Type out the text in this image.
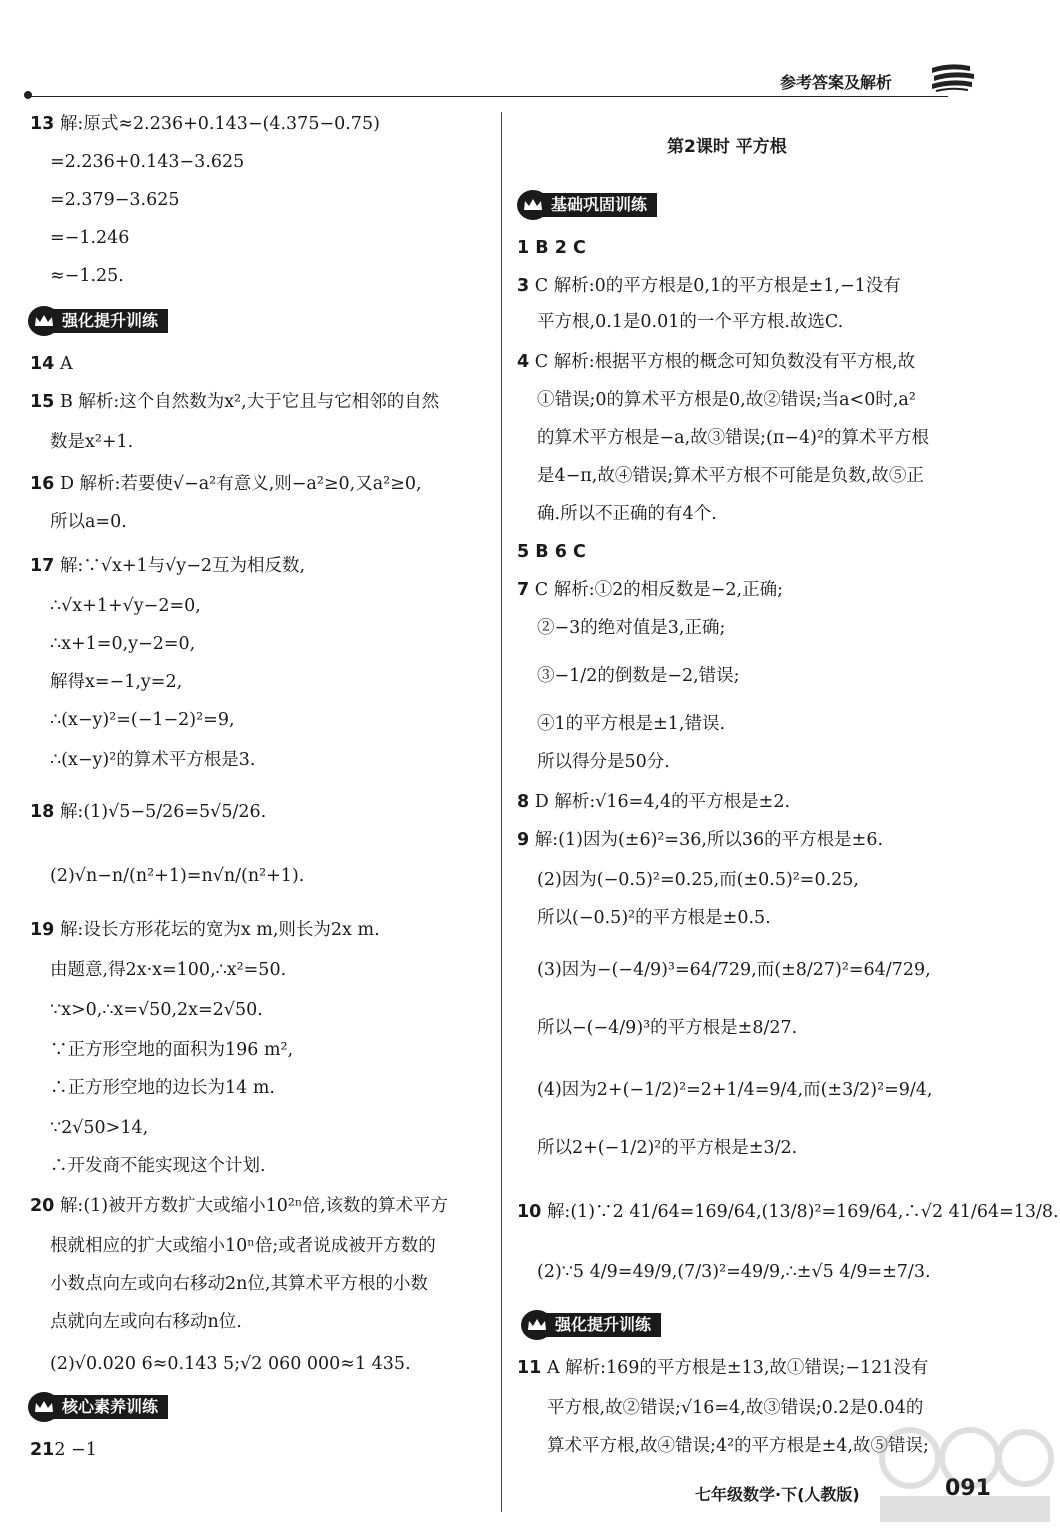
参考答案及解析
13 解:原式≈2.236+0.143−(4.375−0.75)
=2.236+0.143−3.625
=2.379−3.625
=−1.246
≈−1.25.
强化提升训练
14 A
15 B 解析:这个自然数为x²,大于它且与它相邻的自然
数是x²+1.
16 D 解析:若要使√−a²有意义,则−a²≥0,又a²≥0,
所以a=0.
17 解:∵√x+1与√y−2互为相反数,
∴√x+1+√y−2=0,
∴x+1=0,y−2=0,
解得x=−1,y=2,
∴(x−y)²=(−1−2)²=9,
∴(x−y)²的算术平方根是3.
18 解:(1)√5−5/26=5√5/26.
(2)√n−n/(n²+1)=n√n/(n²+1).
19 解:设长方形花坛的宽为x m,则长为2x m.
由题意,得2x·x=100,∴x²=50.
∵x>0,∴x=√50,2x=2√50.
∵正方形空地的面积为196 m²,
∴正方形空地的边长为14 m.
∵2√50>14,
∴开发商不能实现这个计划.
20 解:(1)被开方数扩大或缩小10²ⁿ倍,该数的算术平方
根就相应的扩大或缩小10ⁿ倍;或者说成被开方数的
小数点向左或向右移动2n位,其算术平方根的小数
点就向左或向右移动n位.
(2)√0.020 6≈0.143 5;√2 060 000≈1 435.
核心素养训练
212 −1
第2课时 平方根
基础巩固训练
1 B 2 C
3 C 解析:0的平方根是0,1的平方根是±1,−1没有
平方根,0.1是0.01的一个平方根.故选C.
4 C 解析:根据平方根的概念可知负数没有平方根,故
①错误;0的算术平方根是0,故②错误;当a<0时,a²
的算术平方根是−a,故③错误;(π−4)²的算术平方根
是4−π,故④错误;算术平方根不可能是负数,故⑤正
确.所以不正确的有4个.
5 B 6 C
7 C 解析:①2的相反数是−2,正确;
②−3的绝对值是3,正确;
③−1/2的倒数是−2,错误;
④1的平方根是±1,错误.
所以得分是50分.
8 D 解析:√16=4,4的平方根是±2.
9 解:(1)因为(±6)²=36,所以36的平方根是±6.
(2)因为(−0.5)²=0.25,而(±0.5)²=0.25,
所以(−0.5)²的平方根是±0.5.
(3)因为−(−4/9)³=64/729,而(±8/27)²=64/729,
所以−(−4/9)³的平方根是±8/27.
(4)因为2+(−1/2)²=2+1/4=9/4,而(±3/2)²=9/4,
所以2+(−1/2)²的平方根是±3/2.
10 解:(1)∵2 41/64=169/64,(13/8)²=169/64,∴√2 41/64=13/8.
(2)∵5 4/9=49/9,(7/3)²=49/9,∴±√5 4/9=±7/3.
强化提升训练
11 A 解析:169的平方根是±13,故①错误;−121没有
平方根,故②错误;√16=4,故③错误;0.2是0.04的
算术平方根,故④错误;4²的平方根是±4,故⑤错误;
七年级数学·下(人教版)	091
